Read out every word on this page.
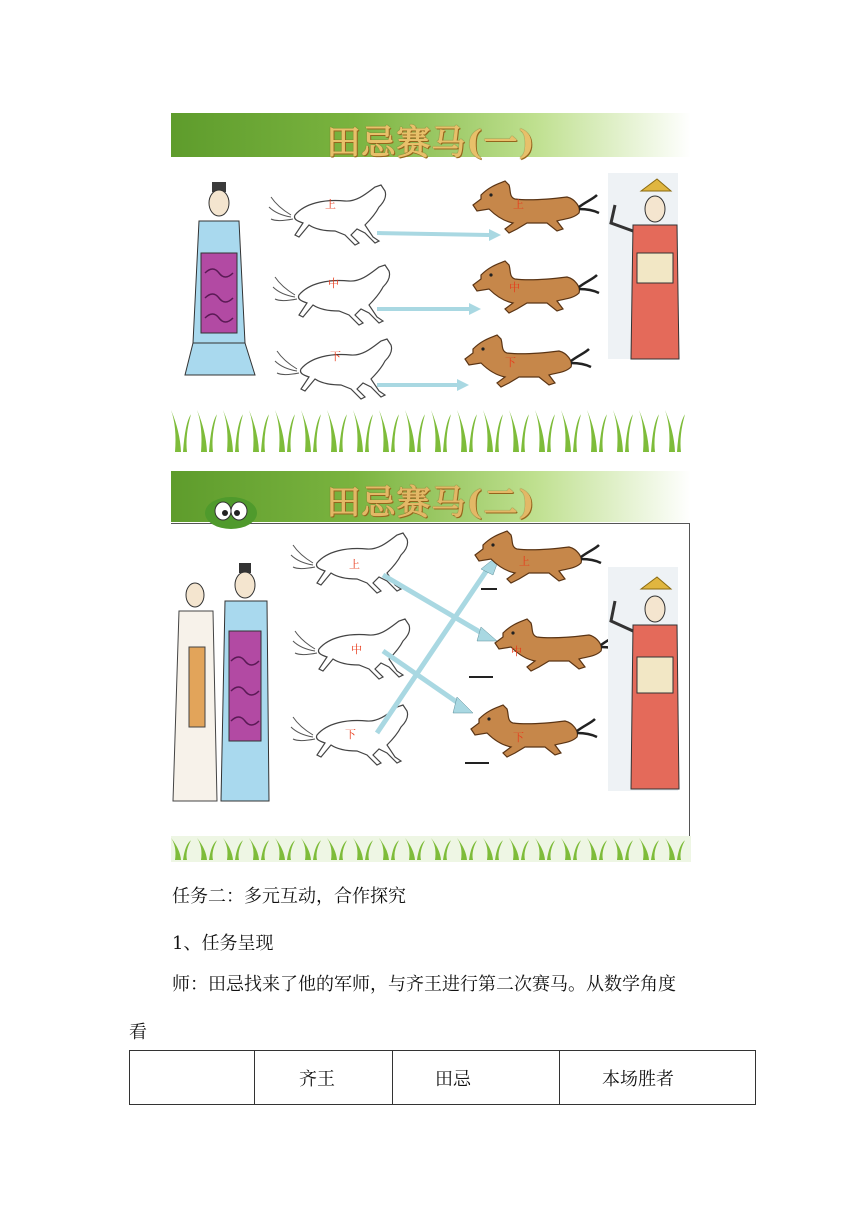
田忌赛马(一)
上
中
下
上
中
下
田忌赛马(二)
上
中
下
上
中
下
任务二：多元互动，合作探究
1、任务呈现
师：田忌找来了他的军师，与齐王进行第二次赛马。从数学角度
看
	齐王	田忌	本场胜者
